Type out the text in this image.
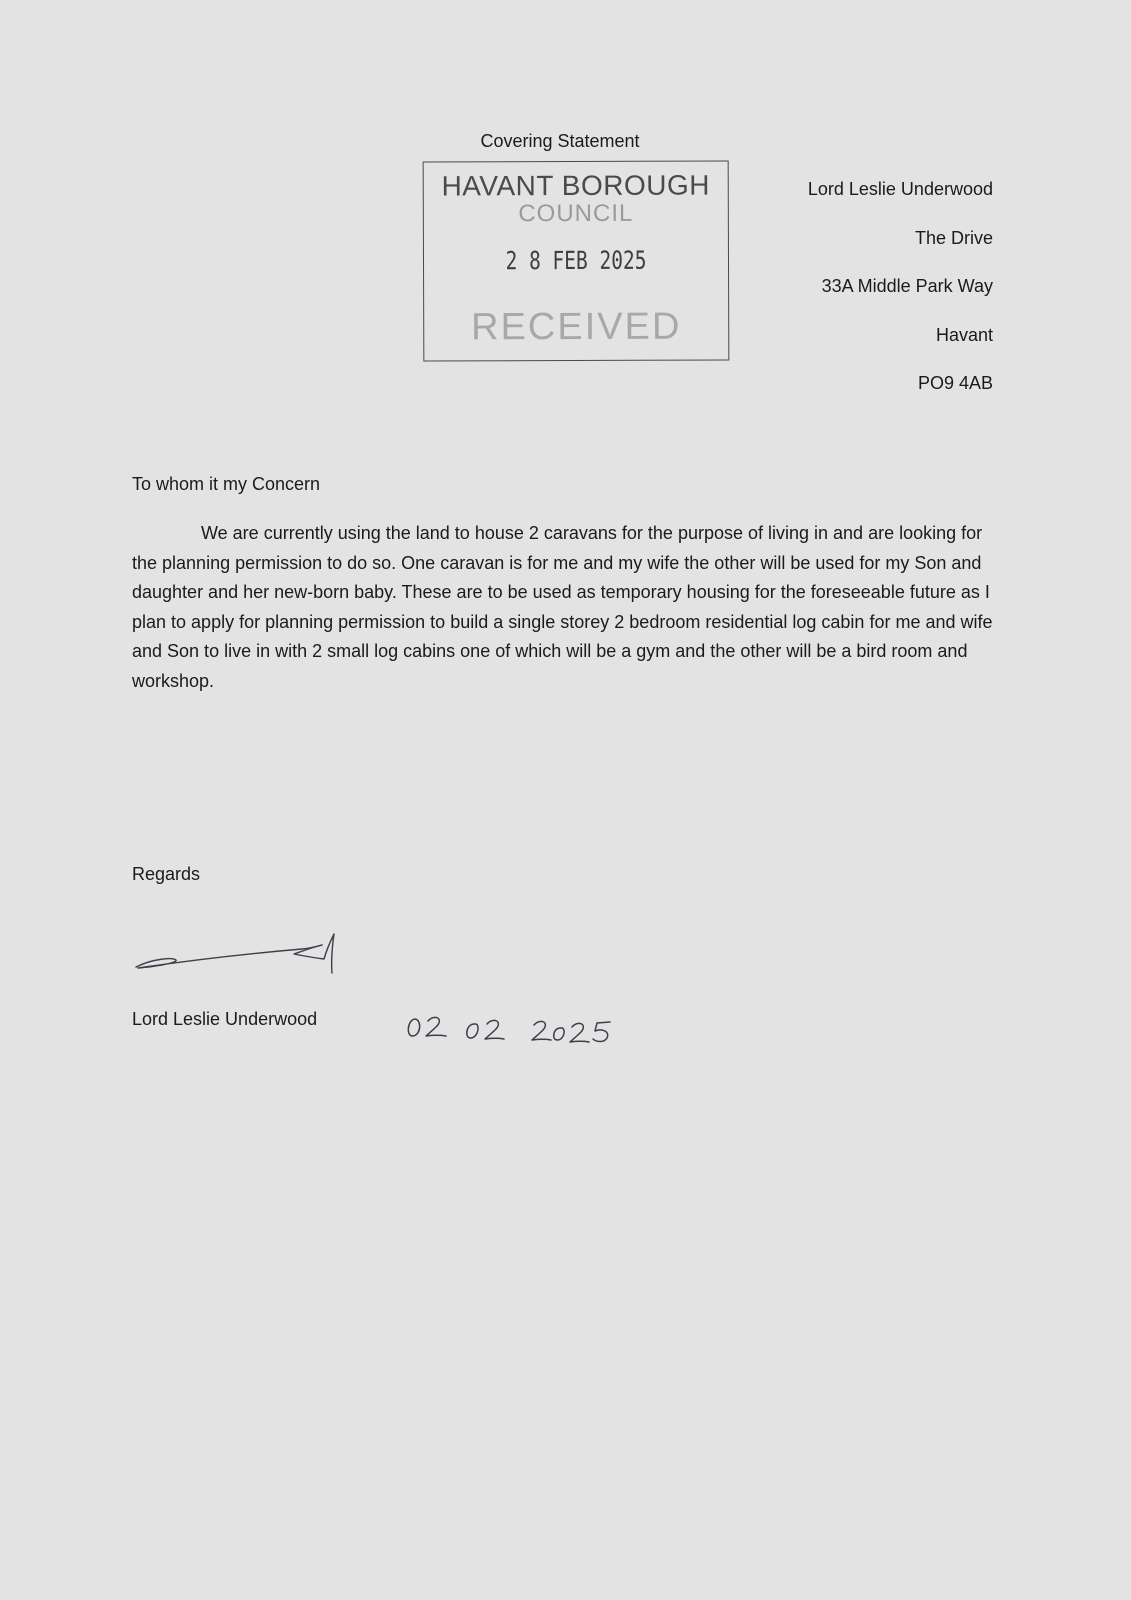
Covering Statement
HAVANT BOROUGH
COUNCIL
2 8 FEB 2025
RECEIVED
Lord Leslie Underwood
The Drive
33A Middle Park Way
Havant
PO9 4AB
To whom it my Concern

We are currently using the land to house 2 caravans for the purpose of living in and are looking for the planning permission to do so. One caravan is for me and my wife the other will be used for my Son and daughter and her new-born baby. These are to be used as temporary housing for the foreseeable future as I plan to apply for planning permission to build a single storey 2 bedroom residential log cabin for me and wife and Son to live in with 2 small log cabins one of which will be a gym and the other will be a bird room and workshop.

Regards
Lord Leslie Underwood
